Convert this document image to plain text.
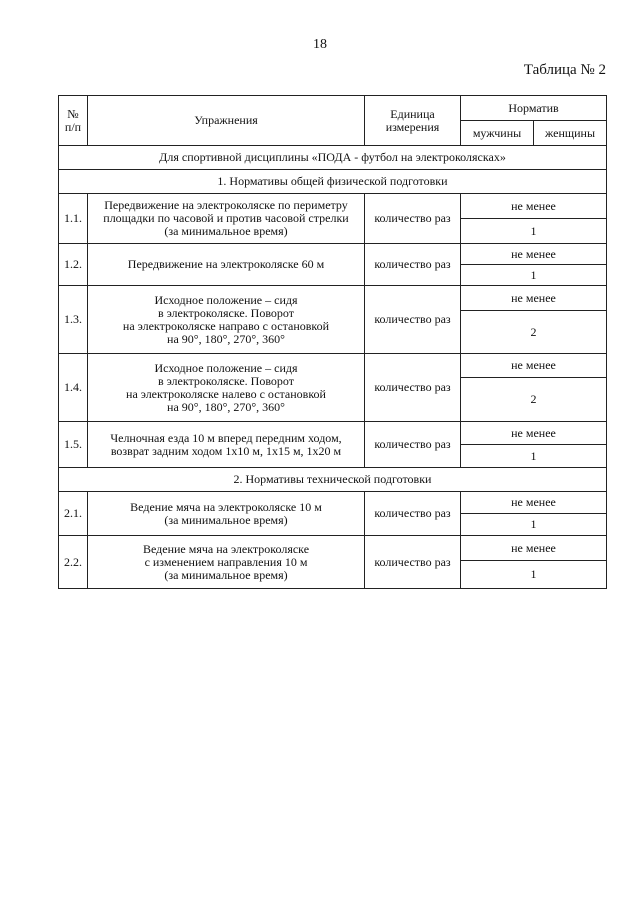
18
Таблица № 2
№
п/п	Упражнения	Единица
измерения	Норматив	
			мужчины	женщины
Для спортивной дисциплины «ПОДА - футбол на электроколясках»				
1. Нормативы общей физической подготовки				
1.1.	Передвижение на электроколяске по периметру
площадки по часовой и против часовой стрелки
(за минимальное время)	количество раз	не менее	
			1	
1.2.	Передвижение на электроколяске 60 м	количество раз	не менее	
			1	
1.3.	Исходное положение – сидя
в электроколяске. Поворот
на электроколяске направо с остановкой
на 90°, 180°, 270°, 360°	количество раз	не менее	
			2	
1.4.	Исходное положение – сидя
в электроколяске. Поворот
на электроколяске налево с остановкой
на 90°, 180°, 270°, 360°	количество раз	не менее	
			2	
1.5.	Челночная езда 10 м вперед передним ходом,
возврат задним ходом 1х10 м, 1х15 м, 1х20 м	количество раз	не менее	
			1	
2. Нормативы технической подготовки				
2.1.	Ведение мяча на электроколяске 10 м
(за минимальное время)	количество раз	не менее	
			1	
2.2.	Ведение мяча на электроколяске
с изменением направления 10 м
(за минимальное время)	количество раз	не менее	
			1	
